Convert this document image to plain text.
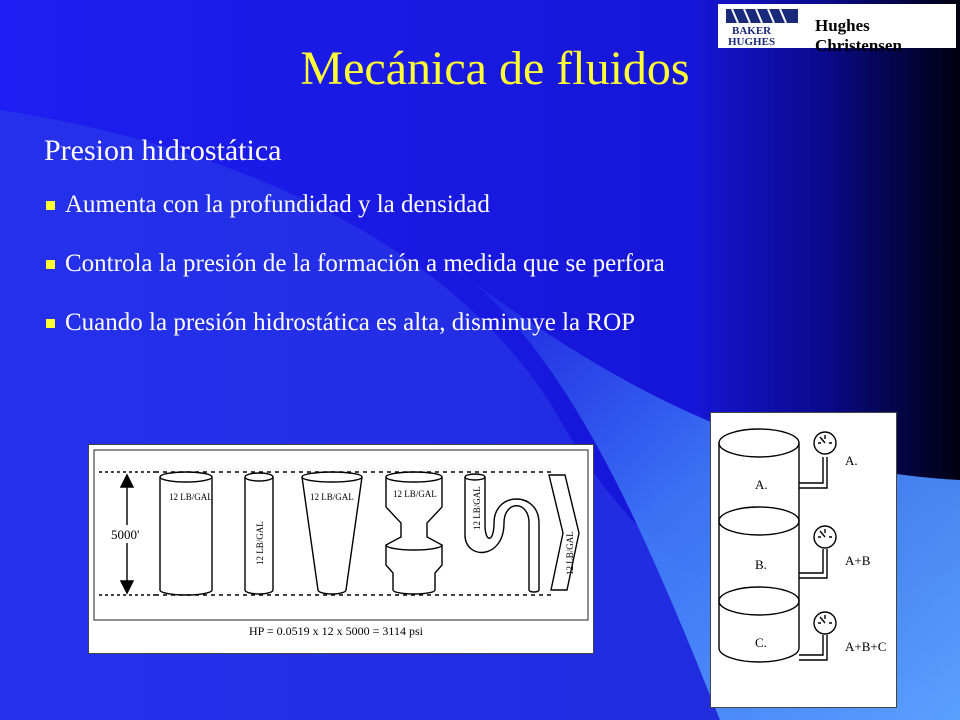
BAKER
HUGHES
Hughes Christensen
Mecánica de fluidos
Presion hidrostática
Aumenta con la profundidad y la densidad
Controla la presión de la formación a medida que se perfora
Cuando la presión hidrostática es alta, disminuye la ROP
5000'
12 LB/GAL
12 LB/GAL
12 LB/GAL	12 LB/GAL	12 LB/GAL
12 LB/GAL
HP = 0.0519 x 12 x 5000 = 3114 psi
A.
B.
C.
A.
A+B
A+B+C
